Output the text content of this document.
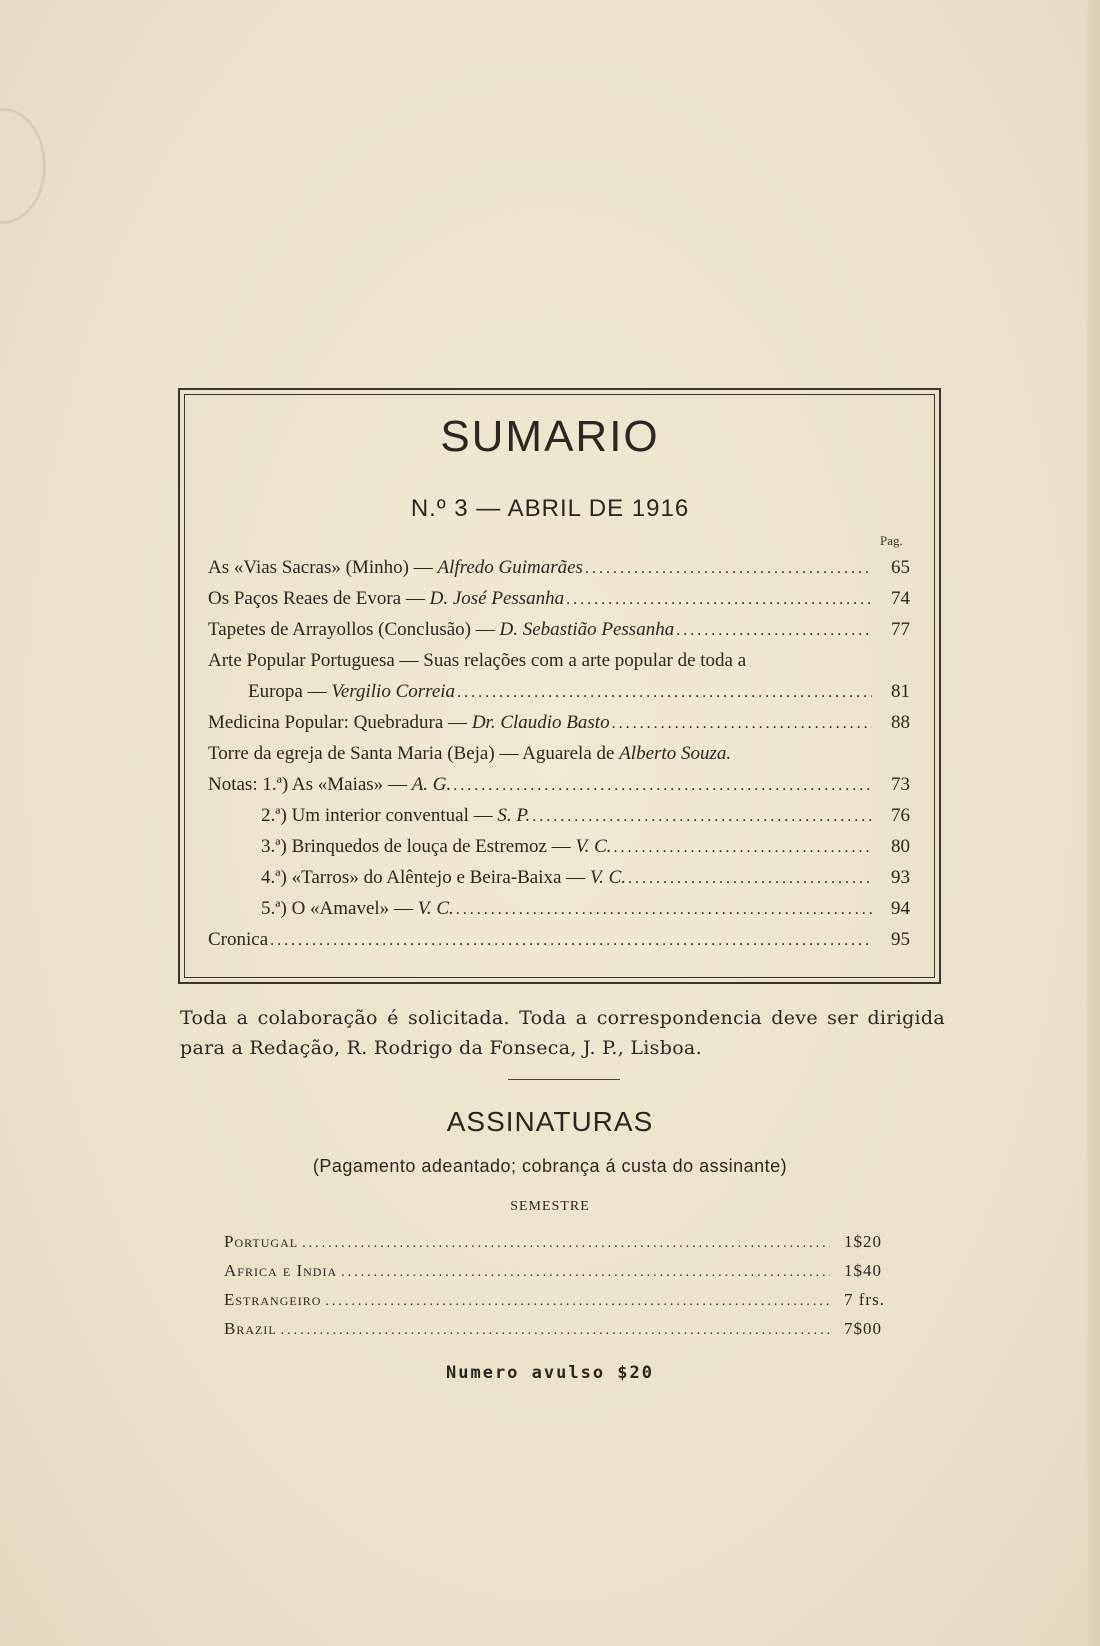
SUMARIO
N.º 3 — ABRIL DE 1916
Pag.
As «Vias Sacras» (Minho) — Alfredo Guimarães .....	65
Os Paços Reaes de Evora — D. José Pessanha .....	74
Tapetes de Arrayollos (Conclusão) — D. Sebastião Pessanha .....	77
Arte Popular Portuguesa — Suas relações com a arte popular de toda a
Europa — Vergilio Correia .....	81
Medicina Popular: Quebradura — Dr. Claudio Basto .....	88
Torre da egreja de Santa Maria (Beja) — Aguarela de Alberto Souza.
Notas: 1.ª) As «Maias» — A. G. .....	73
2.ª) Um interior conventual — S. P. .....	76
3.ª) Brinquedos de louça de Estremoz — V. C. .....	80
4.ª) «Tarros» do Alêntejo e Beira-Baixa — V. C. .....	93
5.ª) O «Amavel» — V. C. .....	94
Cronica .....	95
Toda a colaboração é solicitada. Toda a correspondencia deve ser dirigida para a Redação, R. Rodrigo da Fonseca, J. P., Lisboa.
ASSINATURAS
(Pagamento adeantado; cobrança á custa do assinante)
SEMESTRE
Portugal .....	1$20
Africa e India .....	1$40
Estrangeiro .....	7 frs.
Brazil .....	7$00
Numero avulso $20
